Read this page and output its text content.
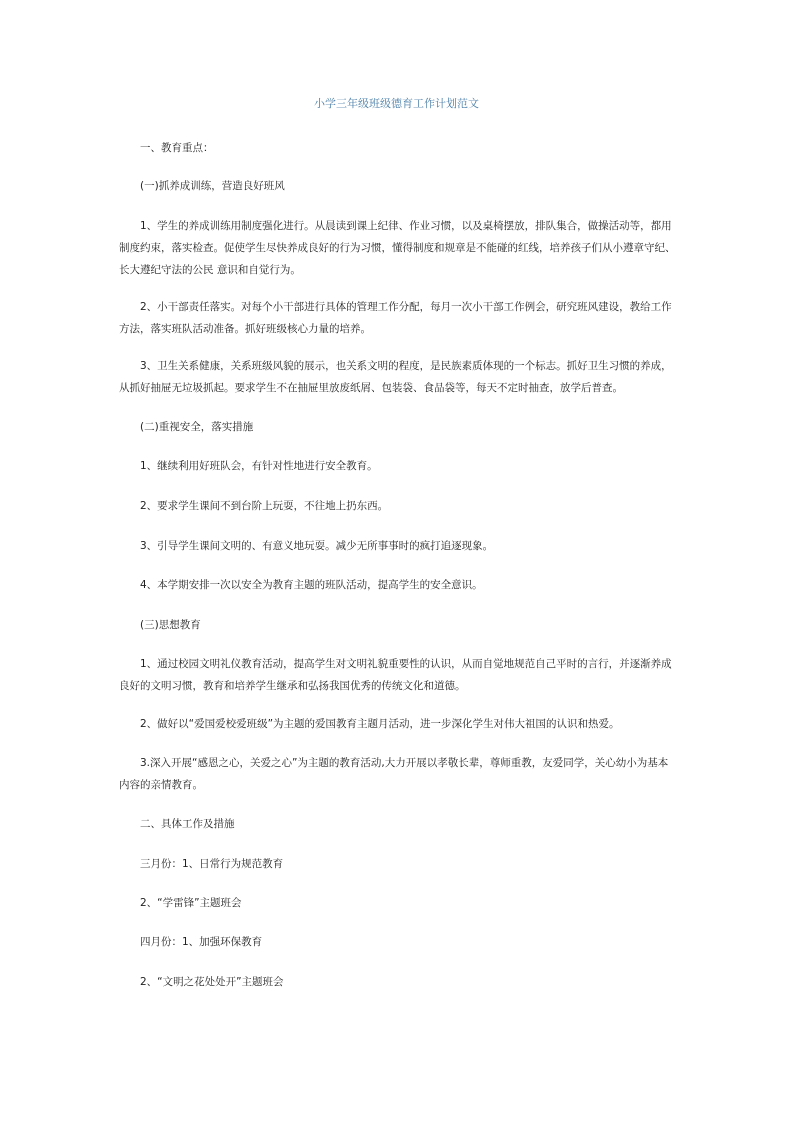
小学三年级班级德育工作计划范文
一、教育重点：
(一)抓养成训练，营造良好班风
1、学生的养成训练用制度强化进行。从晨读到课上纪律、作业习惯，以及桌椅摆放，排队集合，做操活动等，都用制度约束，落实检查。促使学生尽快养成良好的行为习惯，懂得制度和规章是不能碰的红线，培养孩子们从小遵章守纪、长大遵纪守法的公民 意识和自觉行为。
2、小干部责任落实。对每个小干部进行具体的管理工作分配，每月一次小干部工作例会，研究班风建设，教给工作方法，落实班队活动准备。抓好班级核心力量的培养。
3、卫生关系健康，关系班级风貌的展示，也关系文明的程度，是民族素质体现的一个标志。抓好卫生习惯的养成，从抓好抽屉无垃圾抓起。要求学生不在抽屉里放废纸屑、包装袋、食品袋等，每天不定时抽查，放学后普查。
(二)重视安全，落实措施
1、继续利用好班队会，有针对性地进行安全教育。
2、要求学生课间不到台阶上玩耍，不往地上扔东西。
3、引导学生课间文明的、有意义地玩耍。减少无所事事时的疯打追逐现象。
4、本学期安排一次以安全为教育主题的班队活动，提高学生的安全意识。
(三)思想教育
1、通过校园文明礼仪教育活动，提高学生对文明礼貌重要性的认识，从而自觉地规范自己平时的言行，并逐渐养成良好的文明习惯，教育和培养学生继承和弘扬我国优秀的传统文化和道德。
2、做好以“爱国爱校爱班级”为主题的爱国教育主题月活动，进一步深化学生对伟大祖国的认识和热爱。
3.深入开展“感恩之心，关爱之心”为主题的教育活动,大力开展以孝敬长辈，尊师重教，友爱同学，关心幼小为基本内容的亲情教育。
二、具体工作及措施
三月份：1、日常行为规范教育
2、“学雷锋”主题班会
四月份：1、加强环保教育
2、“文明之花处处开”主题班会
